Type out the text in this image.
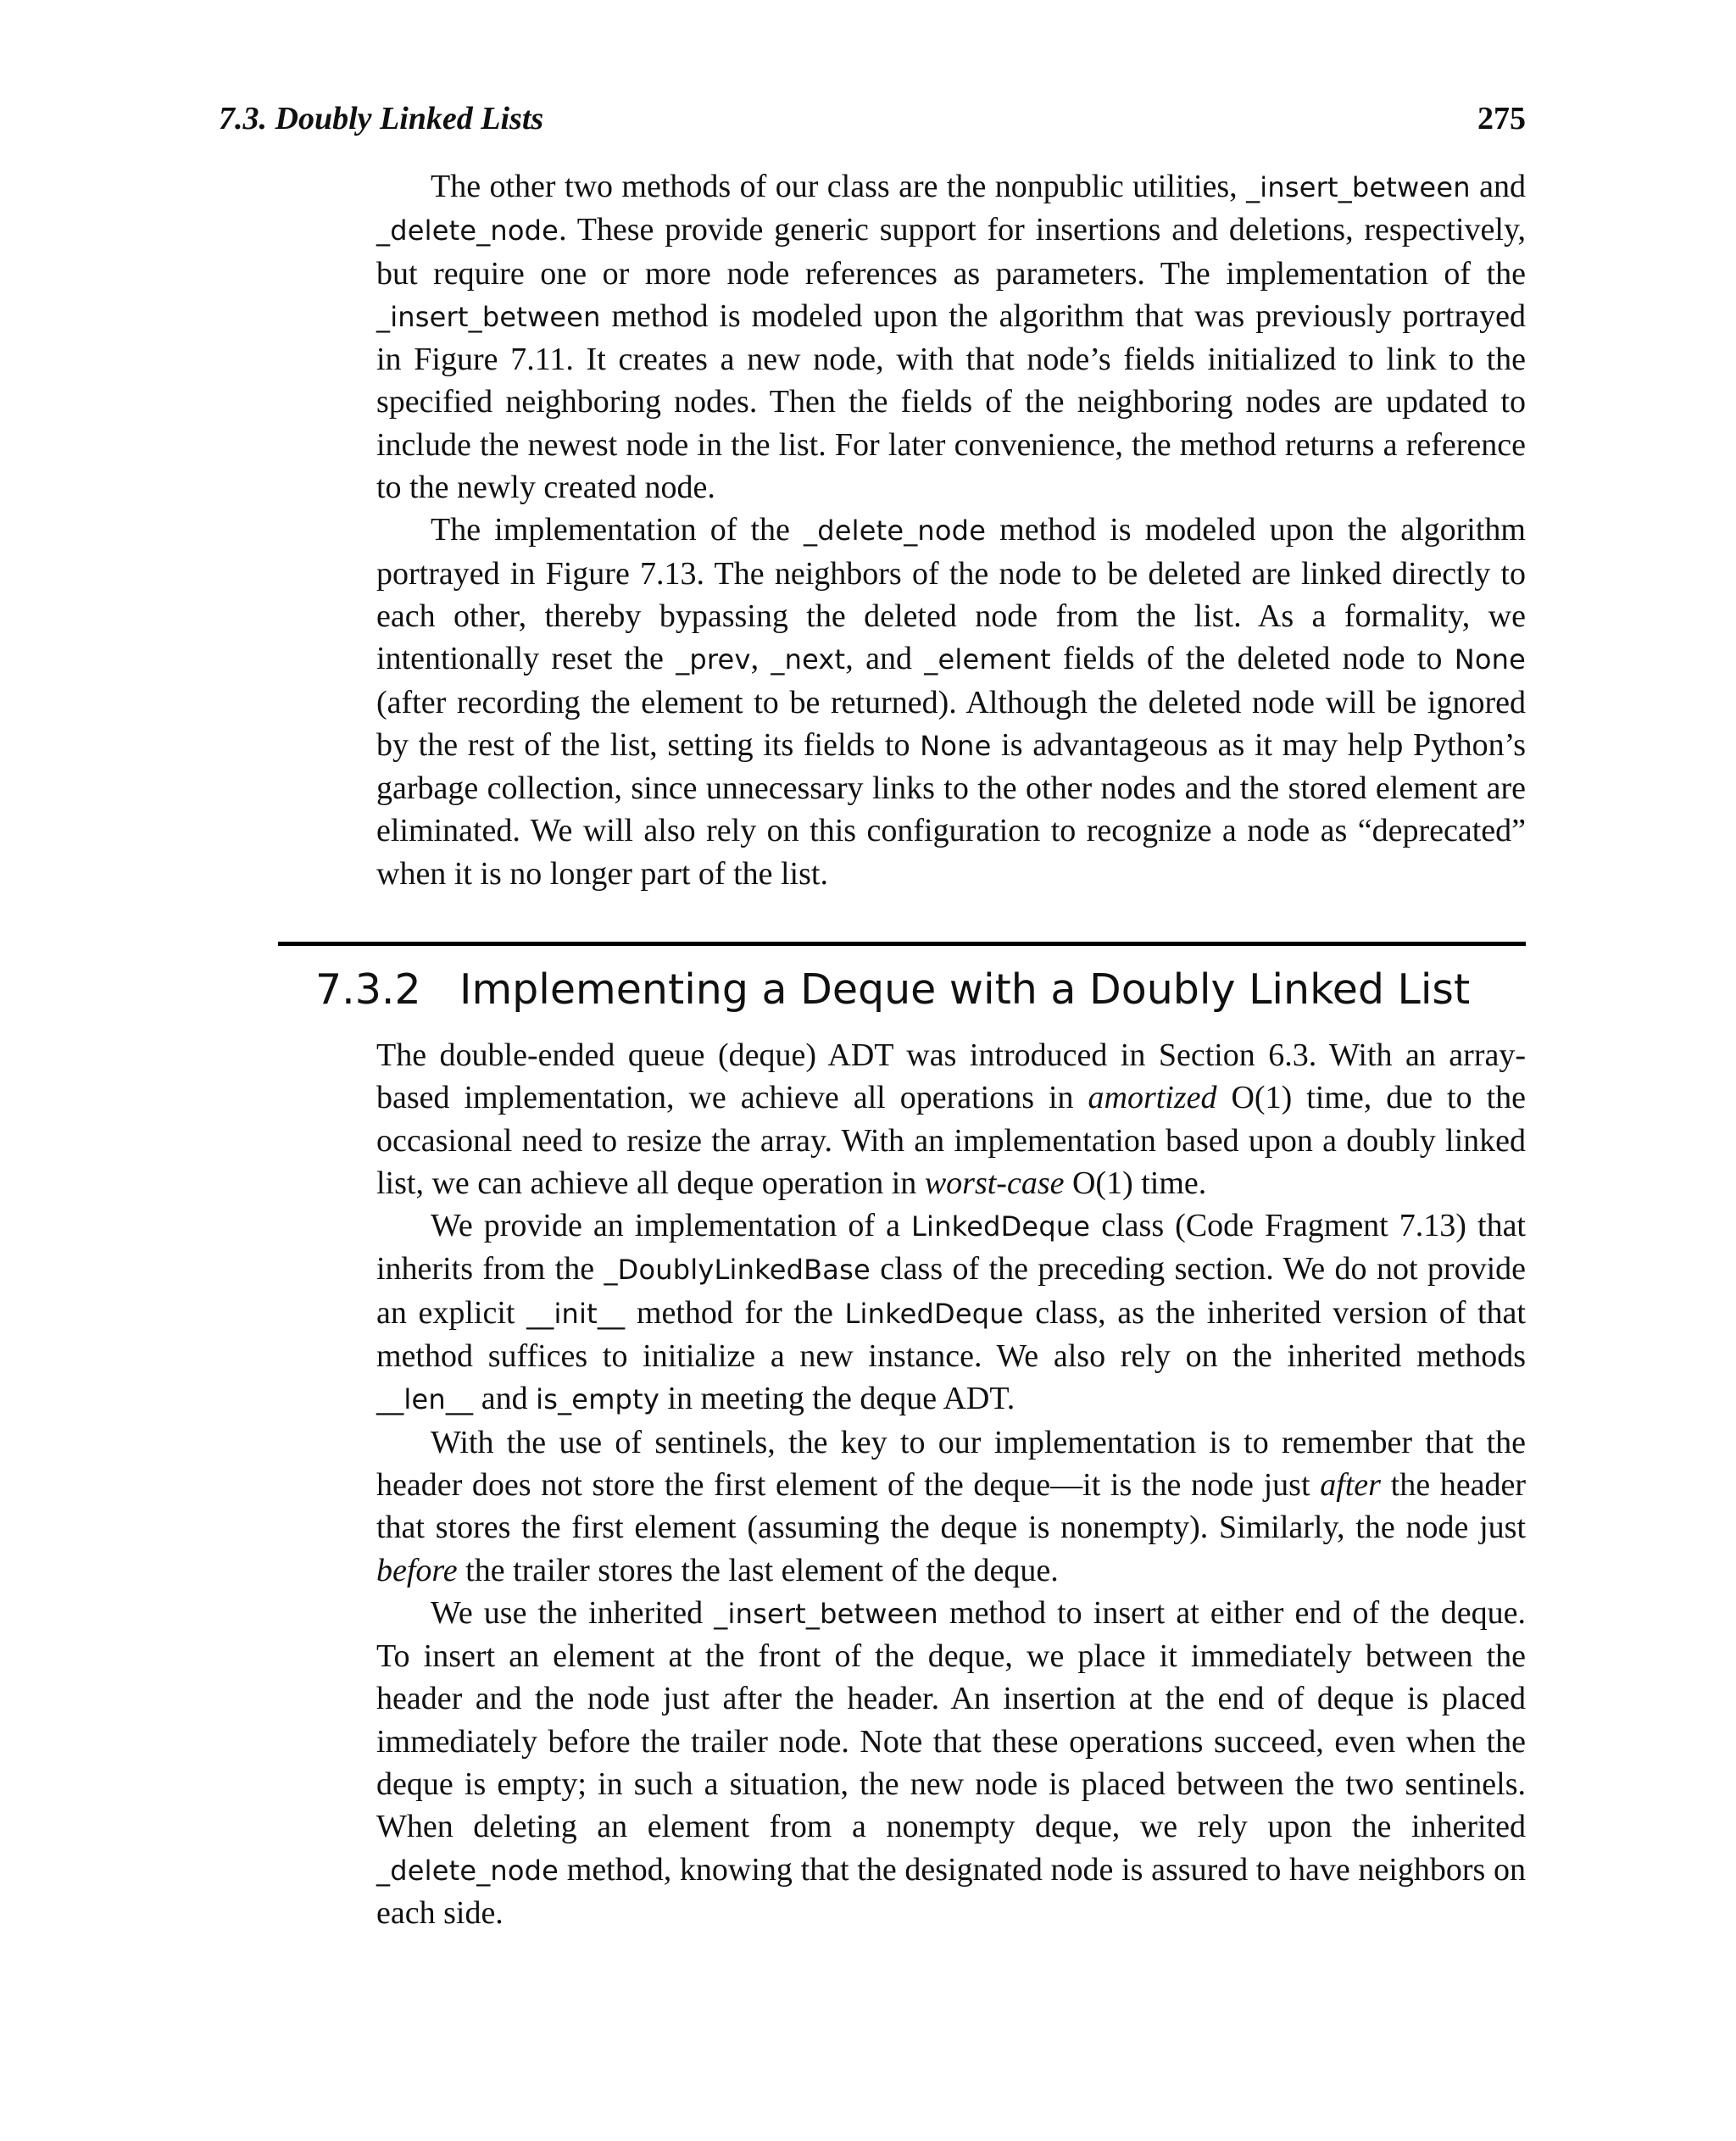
7.3. Doubly Linked Lists	275

The other two methods of our class are the nonpublic utilities, _insert_between and _delete_node. These provide generic support for insertions and deletions, respectively, but require one or more node references as parameters. The implementation of the _insert_between method is modeled upon the algorithm that was previously portrayed in Figure 7.11. It creates a new node, with that node’s fields initialized to link to the specified neighboring nodes. Then the fields of the neighboring nodes are updated to include the newest node in the list. For later convenience, the method returns a reference to the newly created node.

The implementation of the _delete_node method is modeled upon the algorithm portrayed in Figure 7.13. The neighbors of the node to be deleted are linked directly to each other, thereby bypassing the deleted node from the list. As a formality, we intentionally reset the _prev, _next, and _element fields of the deleted node to None (after recording the element to be returned). Although the deleted node will be ignored by the rest of the list, setting its fields to None is advantageous as it may help Python’s garbage collection, since unnecessary links to the other nodes and the stored element are eliminated. We will also rely on this configuration to recognize a node as “deprecated” when it is no longer part of the list.

7.3.2 Implementing a Deque with a Doubly Linked List

The double-ended queue (deque) ADT was introduced in Section 6.3. With an array-based implementation, we achieve all operations in amortized O(1) time, due to the occasional need to resize the array. With an implementation based upon a doubly linked list, we can achieve all deque operation in worst-case O(1) time.

We provide an implementation of a LinkedDeque class (Code Fragment 7.13) that inherits from the _DoublyLinkedBase class of the preceding section. We do not provide an explicit __init__ method for the LinkedDeque class, as the inherited version of that method suffices to initialize a new instance. We also rely on the inherited methods __len__ and is_empty in meeting the deque ADT.

With the use of sentinels, the key to our implementation is to remember that the header does not store the first element of the deque—it is the node just after the header that stores the first element (assuming the deque is nonempty). Similarly, the node just before the trailer stores the last element of the deque.

We use the inherited _insert_between method to insert at either end of the deque. To insert an element at the front of the deque, we place it immediately between the header and the node just after the header. An insertion at the end of deque is placed immediately before the trailer node. Note that these operations succeed, even when the deque is empty; in such a situation, the new node is placed between the two sentinels. When deleting an element from a nonempty deque, we rely upon the inherited _delete_node method, knowing that the designated node is assured to have neighbors on each side.
